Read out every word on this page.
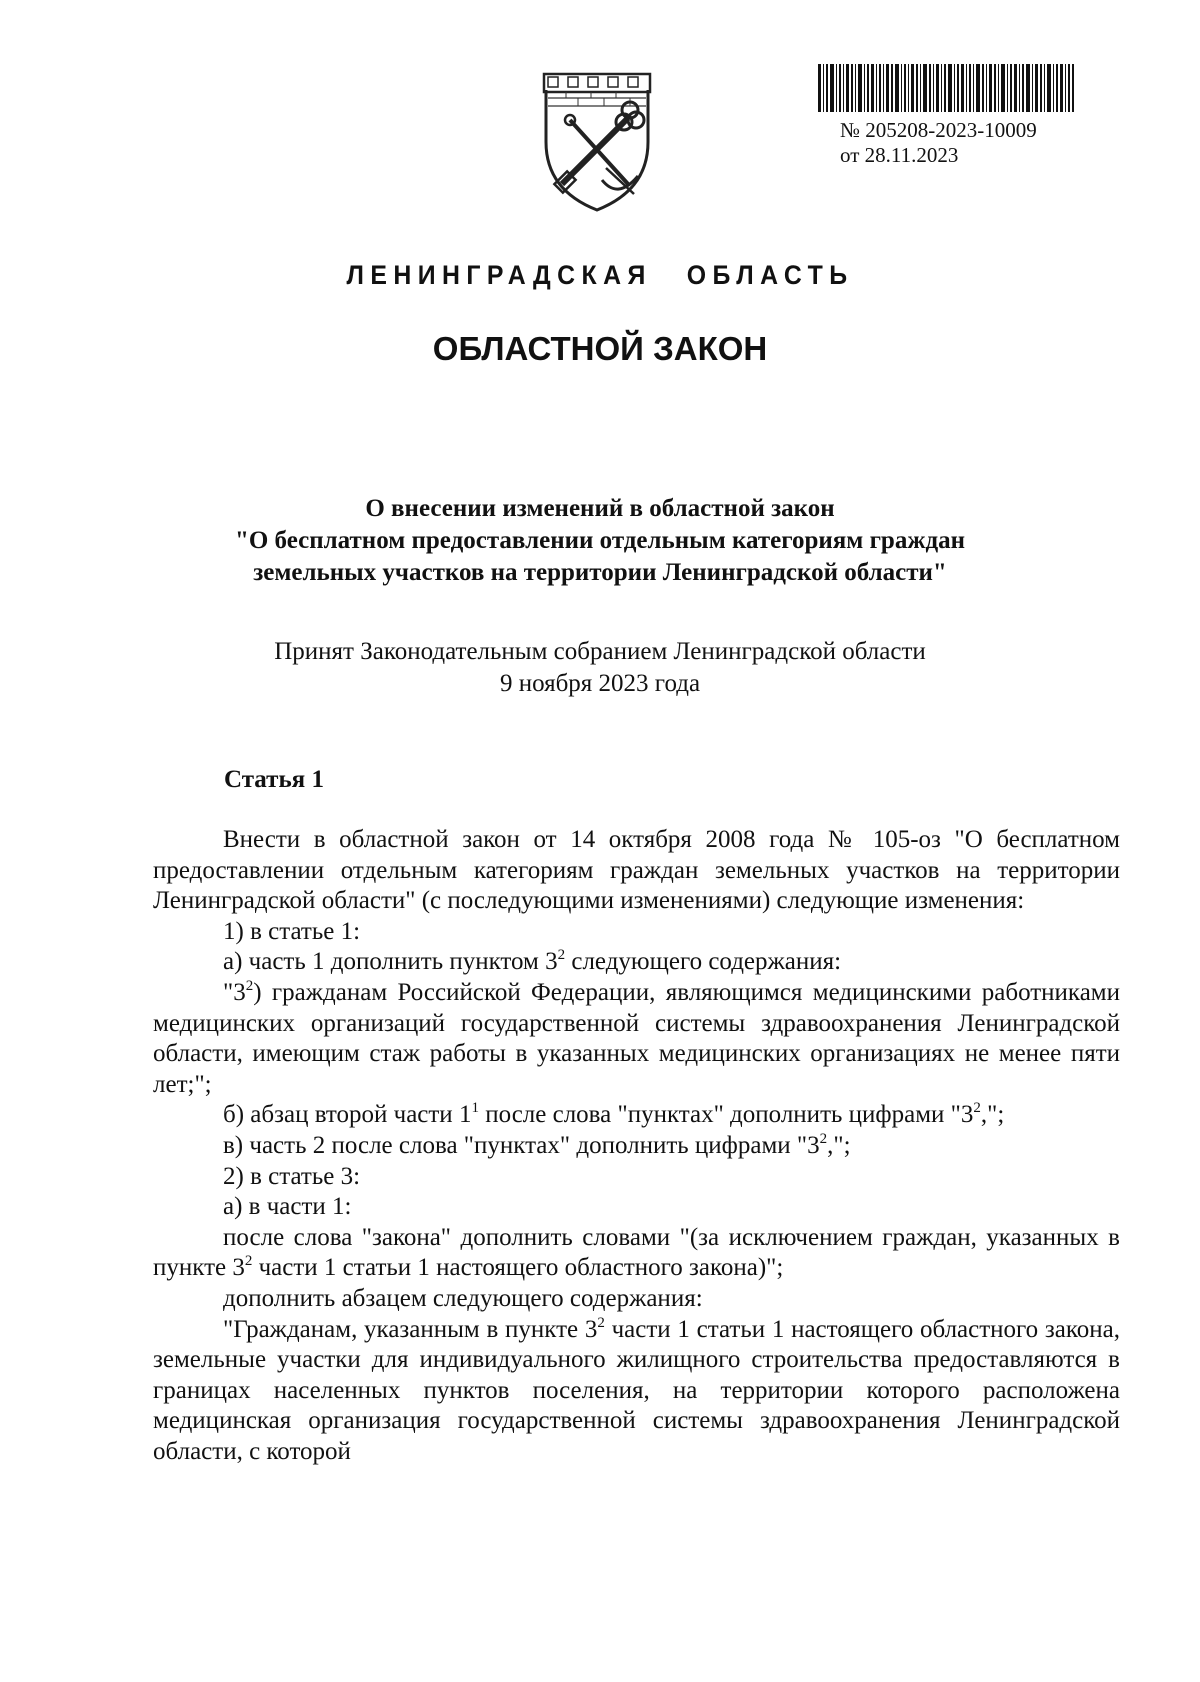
№ 205208-2023-10009
от 28.11.2023
ЛЕНИНГРАДСКАЯ ОБЛАСТЬ
ОБЛАСТНОЙ ЗАКОН
О внесении изменений в областной закон
"О бесплатном предоставлении отдельным категориям граждан
земельных участков на территории Ленинградской области"
Принят Законодательным собранием Ленинградской области
9 ноября 2023 года
Статья 1

Внести в областной закон от 14 октября 2008 года № 105-оз "О бесплатном предоставлении отдельным категориям граждан земельных участков на территории Ленинградской области" (с последующими изменениями) следующие изменения:

1) в статье 1:

а) часть 1 дополнить пунктом $3^2$ следующего содержания:

"$3^2$) гражданам Российской Федерации, являющимся медицинскими работниками медицинских организаций государственной системы здравоохранения Ленинградской области, имеющим стаж работы в указанных медицинских организациях не менее пяти лет;";

б) абзац второй части $1^1$ после слова "пунктах" дополнить цифрами "$3^2$,";

в) часть 2 после слова "пунктах" дополнить цифрами "$3^2$,";

2) в статье 3:

а) в части 1:

после слова "закона" дополнить словами "(за исключением граждан, указанных в пункте $3^2$ части 1 статьи 1 настоящего областного закона)";

дополнить абзацем следующего содержания:

"Гражданам, указанным в пункте $3^2$ части 1 статьи 1 настоящего областного закона, земельные участки для индивидуального жилищного строительства предоставляются в границах населенных пунктов поселения, на территории которого расположена медицинская организация государственной системы здравоохранения Ленинградской области, с которой
